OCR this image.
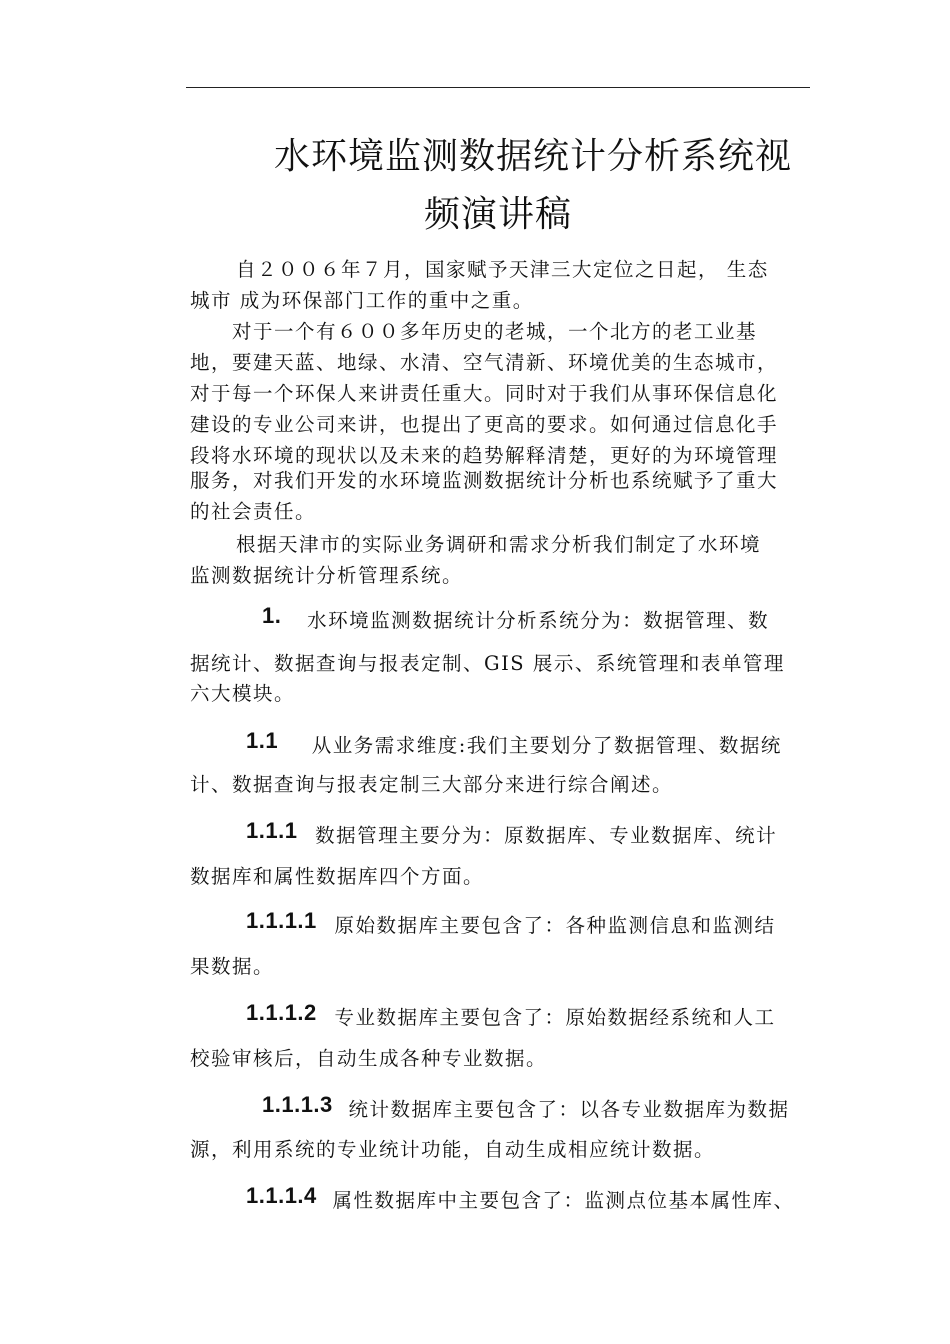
水环境监测数据统计分析系统视
频演讲稿
自２００６年７月，国家赋予天津三大定位之日起， 生态
城市 成为环保部门工作的重中之重。
对于一个有６００多年历史的老城，一个北方的老工业基
地，要建天蓝、地绿、水清、空气清新、环境优美的生态城市，
对于每一个环保人来讲责任重大。同时对于我们从事环保信息化
建设的专业公司来讲，也提出了更高的要求。如何通过信息化手
段将水环境的现状以及未来的趋势解释清楚，更好的为环境管理
服务，对我们开发的水环境监测数据统计分析也系统赋予了重大
的社会责任。
根据天津市的实际业务调研和需求分析我们制定了水环境
监测数据统计分析管理系统。
1. 水环境监测数据统计分析系统分为：数据管理、数
据统计、数据查询与报表定制、GIS 展示、系统管理和表单管理
六大模块。
1.1 从业务需求维度:我们主要划分了数据管理、数据统
计、数据查询与报表定制三大部分来进行综合阐述。
1.1.1 数据管理主要分为：原数据库、专业数据库、统计
数据库和属性数据库四个方面。
1.1.1.1 原始数据库主要包含了：各种监测信息和监测结
果数据。
1.1.1.2 专业数据库主要包含了：原始数据经系统和人工
校验审核后，自动生成各种专业数据。
1.1.1.3 统计数据库主要包含了：以各专业数据库为数据
源，利用系统的专业统计功能，自动生成相应统计数据。
1.1.1.4 属性数据库中主要包含了：监测点位基本属性库、
